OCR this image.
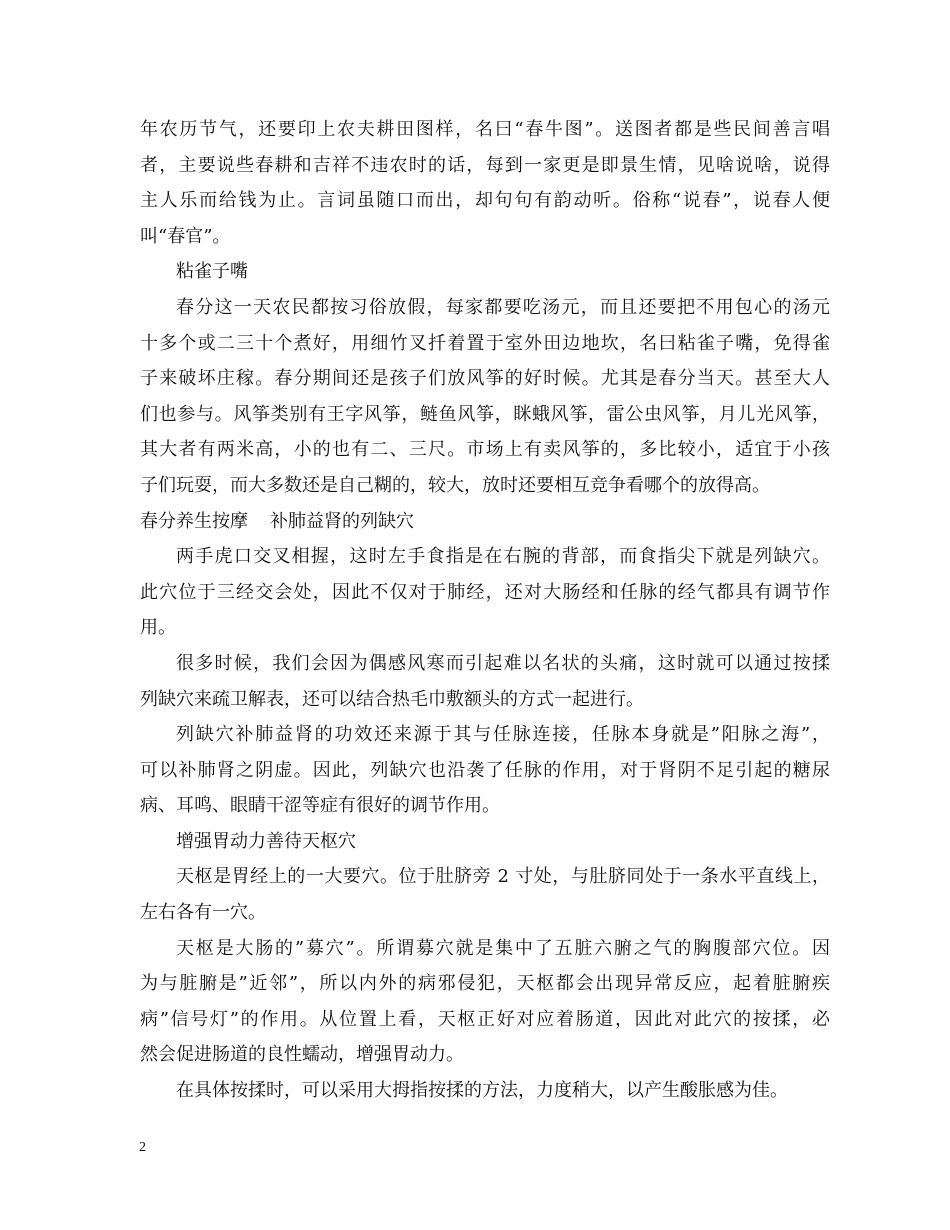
年农历节气，还要印上农夫耕田图样，名曰“春牛图”。送图者都是些民间善言唱
者，主要说些春耕和吉祥不违农时的话，每到一家更是即景生情，见啥说啥，说得
主人乐而给钱为止。言词虽随口而出，却句句有韵动听。俗称“说春”，说春人便
叫“春官”。
粘雀子嘴
春分这一天农民都按习俗放假，每家都要吃汤元，而且还要把不用包心的汤元
十多个或二三十个煮好，用细竹叉扦着置于室外田边地坎，名曰粘雀子嘴，免得雀
子来破坏庄稼。春分期间还是孩子们放风筝的好时候。尤其是春分当天。甚至大人
们也参与。风筝类别有王字风筝，鲢鱼风筝，眯蛾风筝，雷公虫风筝，月儿光风筝，
其大者有两米高，小的也有二、三尺。市场上有卖风筝的，多比较小，适宜于小孩
子们玩耍，而大多数还是自己糊的，较大，放时还要相互竞争看哪个的放得高。
春分养生按摩 补肺益肾的列缺穴
两手虎口交叉相握，这时左手食指是在右腕的背部，而食指尖下就是列缺穴。
此穴位于三经交会处，因此不仅对于肺经，还对大肠经和任脉的经气都具有调节作
用。
很多时候，我们会因为偶感风寒而引起难以名状的头痛，这时就可以通过按揉
列缺穴来疏卫解表，还可以结合热毛巾敷额头的方式一起进行。
列缺穴补肺益肾的功效还来源于其与任脉连接，任脉本身就是”阳脉之海”，
可以补肺肾之阴虚。因此，列缺穴也沿袭了任脉的作用，对于肾阴不足引起的糖尿
病、耳鸣、眼睛干涩等症有很好的调节作用。
增强胃动力善待天枢穴
天枢是胃经上的一大要穴。位于肚脐旁 2 寸处，与肚脐同处于一条水平直线上，
左右各有一穴。
天枢是大肠的”募穴”。所谓募穴就是集中了五脏六腑之气的胸腹部穴位。因
为与脏腑是”近邻”，所以内外的病邪侵犯，天枢都会出现异常反应，起着脏腑疾
病”信号灯”的作用。从位置上看，天枢正好对应着肠道，因此对此穴的按揉，必
然会促进肠道的良性蠕动，增强胃动力。
在具体按揉时，可以采用大拇指按揉的方法，力度稍大，以产生酸胀感为佳。
2
